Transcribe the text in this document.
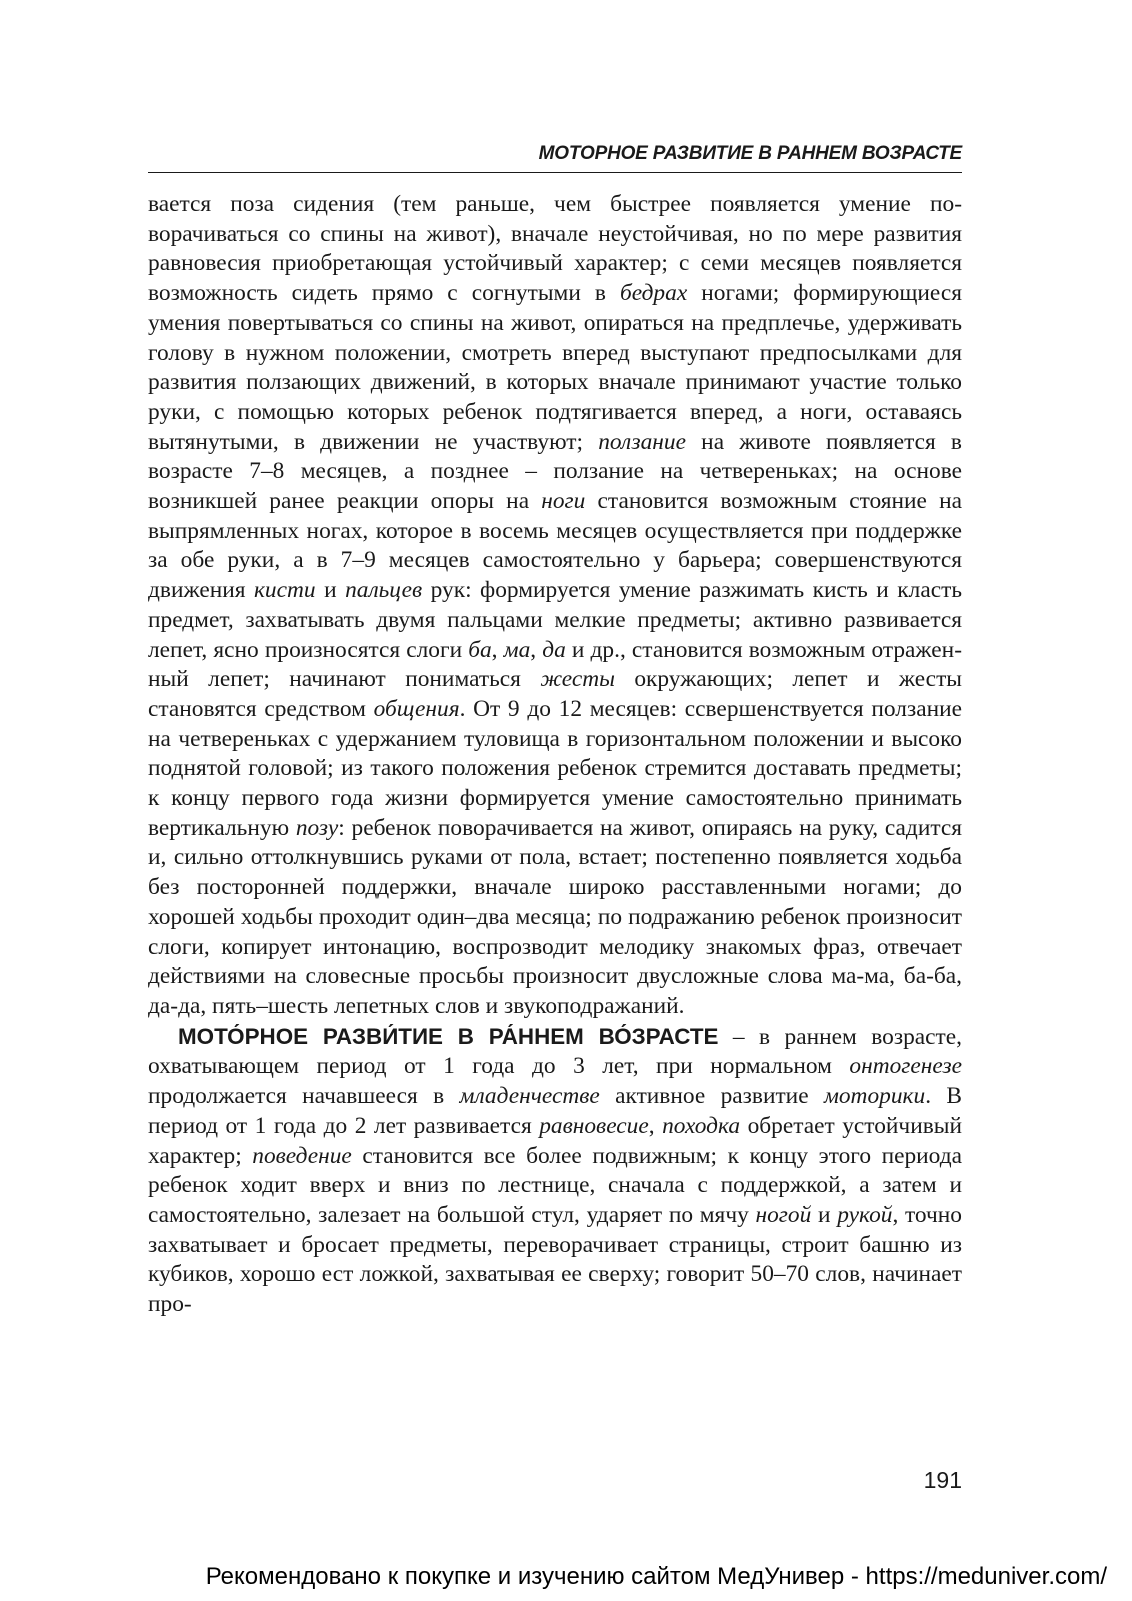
МОТОРНОЕ РАЗВИТИЕ В РАННЕМ ВОЗРАСТЕ

вается поза сидения (тем раньше, чем быстрее появляется умение поворачиваться со спины на живот), вначале неустойчивая, но по мере развития равновесия приобретающая устойчивый характер; с семи месяцев появляется возможность сидеть прямо с согнутыми в бедрах ногами; формирующиеся умения повертываться со спины на живот, опираться на предплечье, удерживать голову в нужном положении, смотреть вперед выступают предпосылками для развития ползающих движений, в которых вначале принимают участие только руки, с помощью которых ребенок подтягивается вперед, а ноги, оставаясь вытянутыми, в движении не участвуют; ползание на животе появляется в возрасте 7–8 месяцев, а позднее – ползание на четвереньках; на основе возникшей ранее реакции опоры на ноги становится возможным стояние на выпрямленных ногах, которое в восемь месяцев осуществляется при поддержке за обе руки, а в 7–9 месяцев самостоятельно у барьера; совершенствуются движения кисти и пальцев рук: формируется умение разжимать кисть и класть предмет, захватывать двумя пальцами мелкие предметы; активно развивается лепет, ясно произносятся слоги ба, ма, да и др., становится возможным отраженный лепет; начинают пониматься жесты окружающих; лепет и жесты становятся средством общения. От 9 до 12 месяцев: ссвершенствуется ползание на четвереньках с удержанием туловища в горизонтальном положении и высоко поднятой головой; из такого положения ребенок стремится доставать предметы; к концу первого года жизни формируется умение самостоятельно принимать вертикальную позу: ребенок поворачивается на живот, опираясь на руку, садится и, сильно оттолкнувшись руками от пола, встает; постепенно появляется ходьба без посторонней поддержки, вначале широко расставленными ногами; до хорошей ходьбы проходит один–два месяца; по подражанию ребенок произносит слоги, копирует интонацию, воспрозводит мелодику знакомых фраз, отвечает действиями на словесные просьбы произносит двусложные слова ма-ма, ба-ба, да-да, пять–шесть лепетных слов и звукоподражаний.

МОТО́РНОЕ РАЗВИ́ТИЕ В РА́ННЕМ ВО́ЗРАСТЕ – в раннем возрасте, охватывающем период от 1 года до 3 лет, при нормальном онтогенезе продолжается начавшееся в младенчестве активное развитие моторики. В период от 1 года до 2 лет развивается равновесие, походка обретает устойчивый характер; поведение становится все более подвижным; к концу этого периода ребенок ходит вверх и вниз по лестнице, сначала с поддержкой, а затем и самостоятельно, залезает на большой стул, ударяет по мячу ногой и рукой, точно захватывает и бросает предметы, переворачивает страницы, строит башню из кубиков, хорошо ест ложкой, захватывая ее сверху; говорит 50–70 слов, начинает про-

191
Рекомендовано к покупке и изучению сайтом МедУнивер - https://meduniver.com/
